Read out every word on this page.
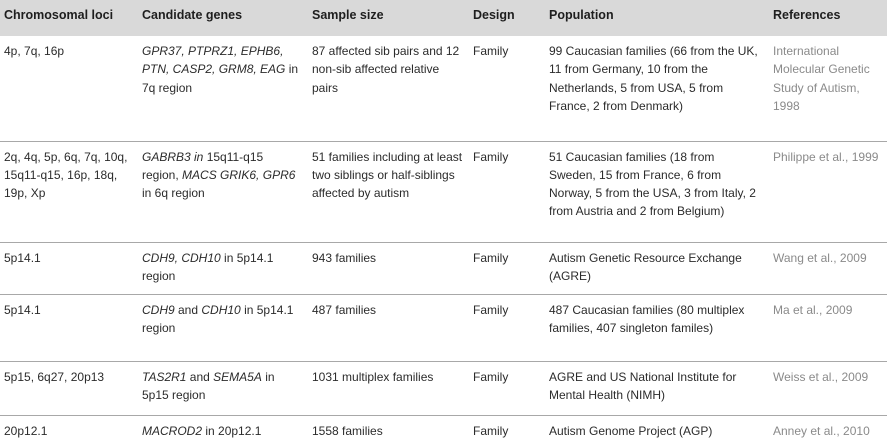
Chromosomal loci	Candidate genes	Sample size	Design	Population	References
4p, 7q, 16p	GPR37, PTPRZ1, EPHB6, PTN, CASP2, GRM8, EAG in 7q region	87 affected sib pairs and 12 non-sib affected relative pairs	Family	99 Caucasian families (66 from the UK, 11 from Germany, 10 from the Netherlands, 5 from USA, 5 from France, 2 from Denmark)	International Molecular Genetic Study of Autism, 1998
2q, 4q, 5p, 6q, 7q, 10q, 15q11-q15, 16p, 18q, 19p, Xp	GABRB3 in 15q11-q15 region, MACS GRIK6, GPR6 in 6q region	51 families including at least two siblings or half-siblings affected by autism	Family	51 Caucasian families (18 from Sweden, 15 from France, 6 from Norway, 5 from the USA, 3 from Italy, 2 from Austria and 2 from Belgium)	Philippe et al., 1999
5p14.1	CDH9, CDH10 in 5p14.1 region	943 families	Family	Autism Genetic Resource Exchange (AGRE)	Wang et al., 2009
5p14.1	CDH9 and CDH10 in 5p14.1 region	487 families	Family	487 Caucasian families (80 multiplex families, 407 singleton familes)	Ma et al., 2009
5p15, 6q27, 20p13	TAS2R1 and SEMA5A in 5p15 region	1031 multiplex families	Family	AGRE and US National Institute for Mental Health (NIMH)	Weiss et al., 2009
20p12.1	MACROD2 in 20p12.1	1558 families	Family	Autism Genome Project (AGP)	Anney et al., 2010
